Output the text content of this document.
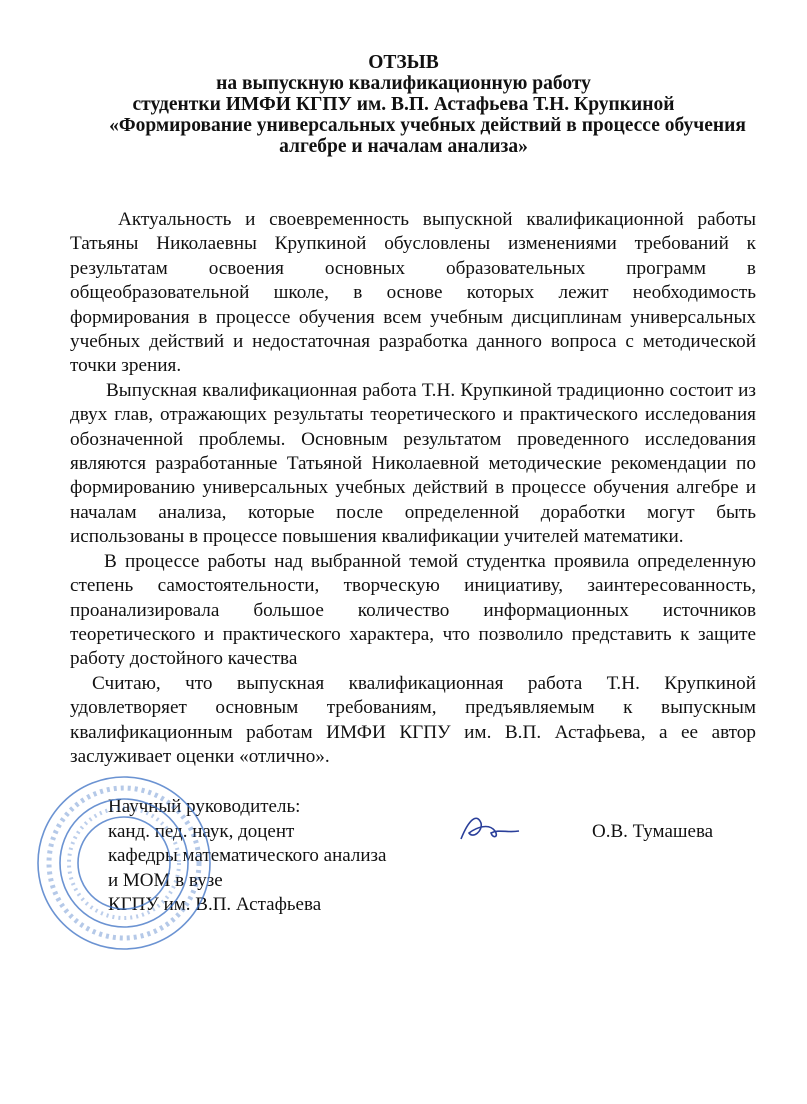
ОТЗЫВ
на выпускную квалификационную работу
студентки ИМФИ КГПУ им. В.П. Астафьева Т.Н. Крупкиной
«Формирование универсальных учебных действий в процессе обучения
алгебре и началам анализа»

Актуальность и своевременность выпускной квалификационной работы Татьяны Николаевны Крупкиной обусловлены изменениями требований к результатам освоения основных образовательных программ в общеобразовательной школе, в основе которых лежит необходимость формирования в процессе обучения всем учебным дисциплинам универсальных учебных действий и недостаточная разработка данного вопроса с методической точки зрения.

Выпускная квалификационная работа Т.Н. Крупкиной традиционно состоит из двух глав, отражающих результаты теоретического и практического исследования обозначенной проблемы. Основным результатом проведенного исследования являются разработанные Татьяной Николаевной методические рекомендации по формированию универсальных учебных действий в процессе обучения алгебре и началам анализа, которые после определенной доработки могут быть использованы в процессе повышения квалификации учителей математики.

В процессе работы над выбранной темой студентка проявила определенную степень самостоятельности, творческую инициативу, заинтересованность, проанализировала большое количество информационных источников теоретического и практического характера, что позволило представить к защите работу достойного качества

Считаю, что выпускная квалификационная работа Т.Н. Крупкиной удовлетворяет основным требованиям, предъявляемым к выпускным квалификационным работам ИМФИ КГПУ им. В.П. Астафьева, а ее автор заслуживает оценки «отлично».

Научный руководитель:
канд. пед. наук, доцент
кафедры математического анализа
и МОМ в вузе
КГПУ им. В.П. Астафьева
О.В. Тумашева
